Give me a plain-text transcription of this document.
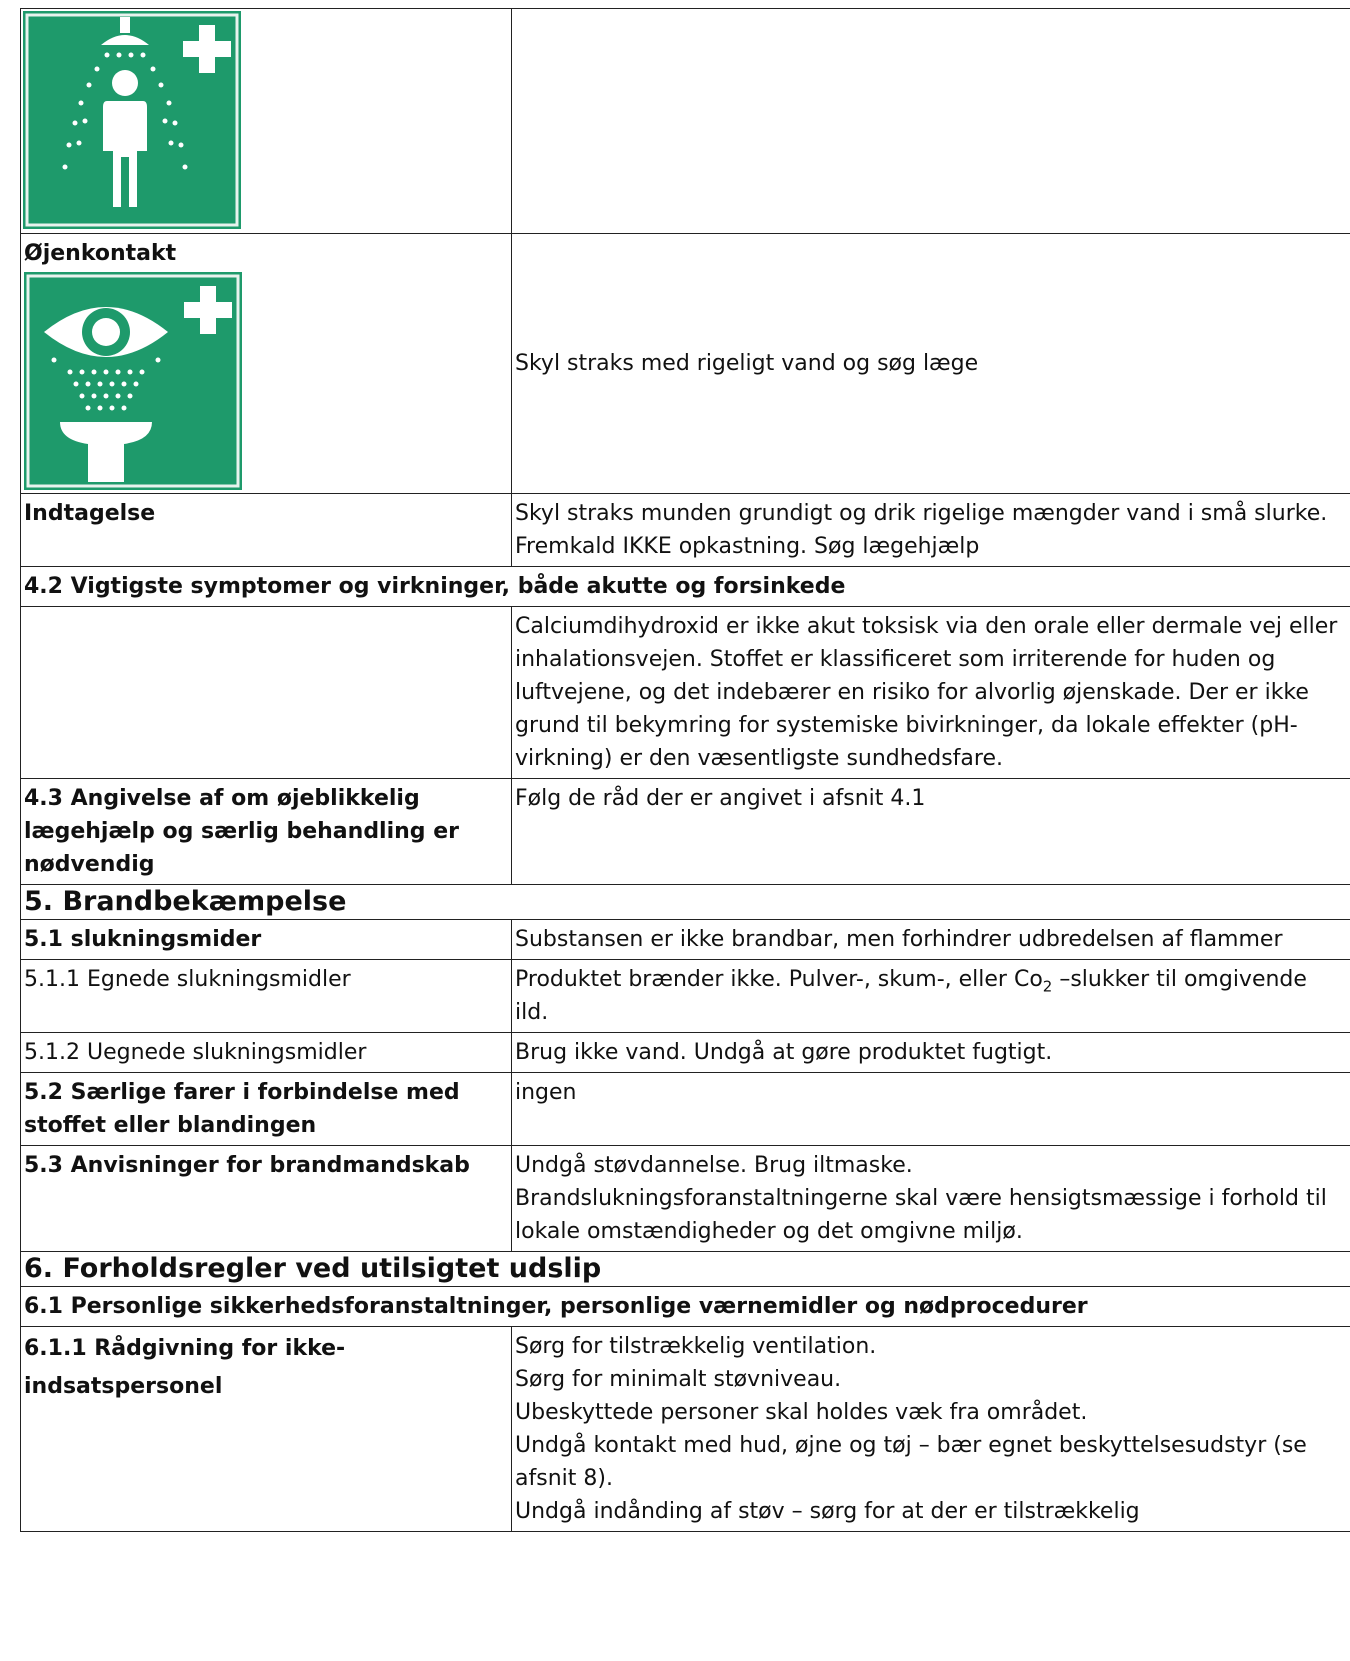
Øjenkontakt	Skyl straks med rigeligt vand og søg læge
Indtagelse	Skyl straks munden grundigt og drik rigelige mængder vand i små slurke. Fremkald IKKE opkastning. Søg lægehjælp
4.2 Vigtigste symptomer og virkninger, både akutte og forsinkede	
	Calciumdihydroxid er ikke akut toksisk via den orale eller dermale vej eller inhalationsvejen. Stoffet er klassificeret som irriterende for huden og luftvejene, og det indebærer en risiko for alvorlig øjenskade. Der er ikke grund til bekymring for systemiske bivirkninger, da lokale effekter (pH-virkning) er den væsentligste sundhedsfare.
4.3 Angivelse af om øjeblikkelig lægehjælp og særlig behandling er nødvendig	Følg de råd der er angivet i afsnit 4.1
5. Brandbekæmpelse	
5.1 slukningsmider	Substansen er ikke brandbar, men forhindrer udbredelsen af flammer
5.1.1 Egnede slukningsmidler	Produktet brænder ikke. Pulver-, skum-, eller $Co_2$ –slukker til omgivende ild.
5.1.2 Uegnede slukningsmidler	Brug ikke vand. Undgå at gøre produktet fugtigt.
5.2 Særlige farer i forbindelse med stoffet eller blandingen	ingen
5.3 Anvisninger for brandmandskab	Undgå støvdannelse. Brug iltmaske.
Brandslukningsforanstaltningerne skal være hensigtsmæssige i forhold til lokale omstændigheder og det omgivne miljø.

6. Forholdsregler ved utilsigtet udslip	
6.1 Personlige sikkerhedsforanstaltninger, personlige værnemidler og nødprocedurer	
6.1.1 Rådgivning for ikke-indsatspersonel	Sørg for tilstrækkelig ventilation.
Sørg for minimalt støvniveau.
Ubeskyttede personer skal holdes væk fra området.
Undgå kontakt med hud, øjne og tøj – bær egnet beskyttelsesudstyr (se afsnit 8).
Undgå indånding af støv – sørg for at der er tilstrækkelig
